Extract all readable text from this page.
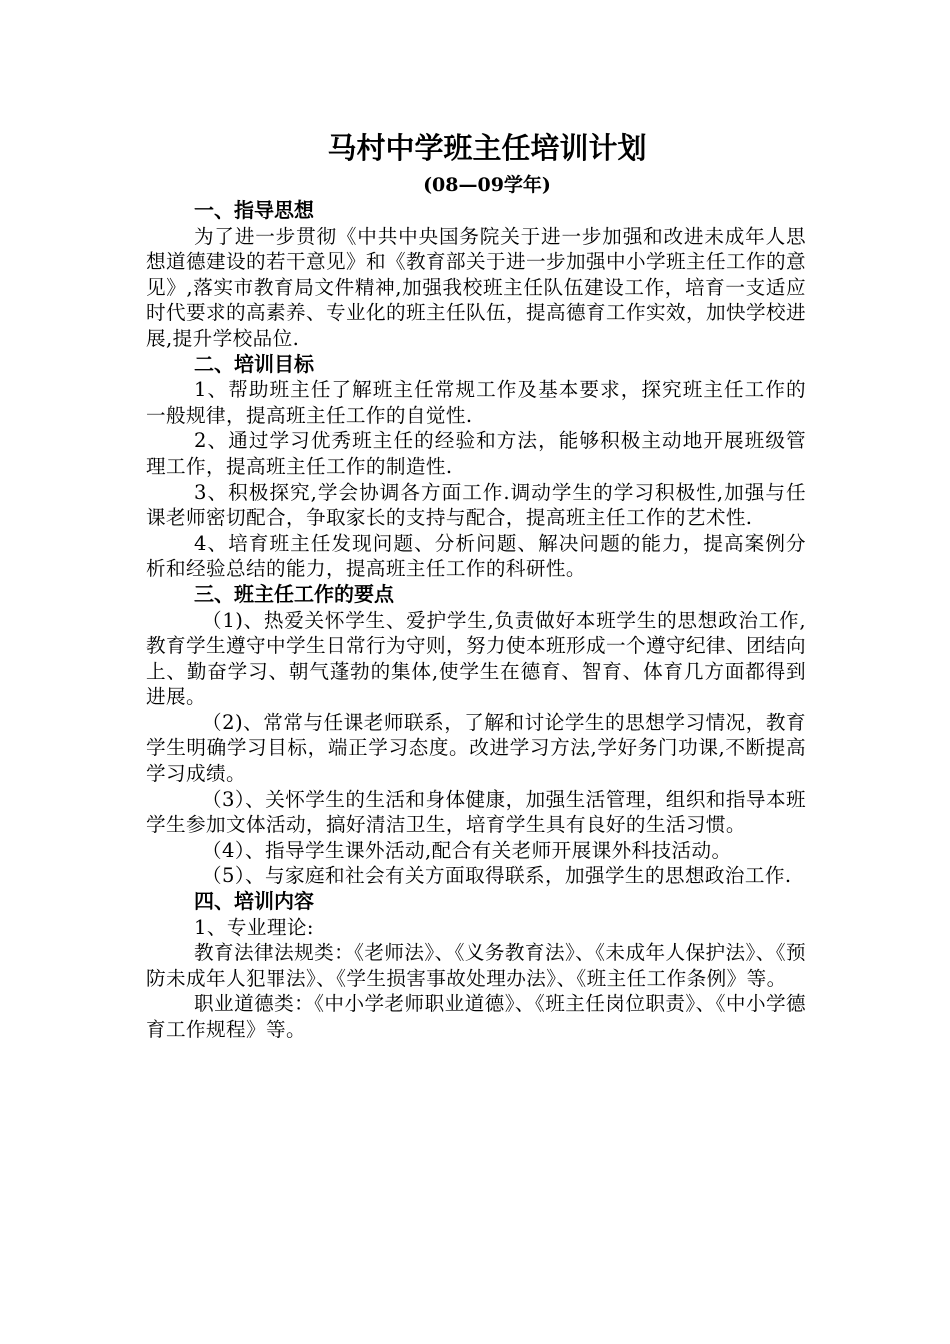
马村中学班主任培训计划
(08—09学年)
一、指导思想

为了进一步贯彻《中共中央国务院关于进一步加强和改进未成年人思想道德建设的若干意见》和《教育部关于进一步加强中小学班主任工作的意见》,落实市教育局文件精神,加强我校班主任队伍建设工作，培育一支适应时代要求的高素养、专业化的班主任队伍，提高德育工作实效，加快学校进展,提升学校品位.

二、培训目标

1、帮助班主任了解班主任常规工作及基本要求，探究班主任工作的一般规律，提高班主任工作的自觉性.

2、通过学习优秀班主任的经验和方法，能够积极主动地开展班级管理工作，提高班主任工作的制造性.

3、积极探究,学会协调各方面工作.调动学生的学习积极性,加强与任课老师密切配合，争取家长的支持与配合，提高班主任工作的艺术性.

4、培育班主任发现问题、分析问题、解决问题的能力，提高案例分析和经验总结的能力，提高班主任工作的科研性。

三、班主任工作的要点

（1)、热爱关怀学生、爱护学生,负责做好本班学生的思想政治工作,教育学生遵守中学生日常行为守则，努力使本班形成一个遵守纪律、团结向上、勤奋学习、朝气蓬勃的集体,使学生在德育、智育、体育几方面都得到进展。

（2)、常常与任课老师联系，了解和讨论学生的思想学习情况，教育学生明确学习目标，端正学习态度。改进学习方法,学好务门功课,不断提高学习成绩。

（3）、关怀学生的生活和身体健康，加强生活管理，组织和指导本班学生参加文体活动，搞好清洁卫生，培育学生具有良好的生活习惯。

（4）、指导学生课外活动,配合有关老师开展课外科技活动。

（5）、与家庭和社会有关方面取得联系，加强学生的思想政治工作.

四、培训内容

1、专业理论:

教育法律法规类：《老师法》、《义务教育法》、《未成年人保护法》、《预防未成年人犯罪法》、《学生损害事故处理办法》、《班主任工作条例》等。

职业道德类：《中小学老师职业道德》、《班主任岗位职责》、《中小学德育工作规程》等。
